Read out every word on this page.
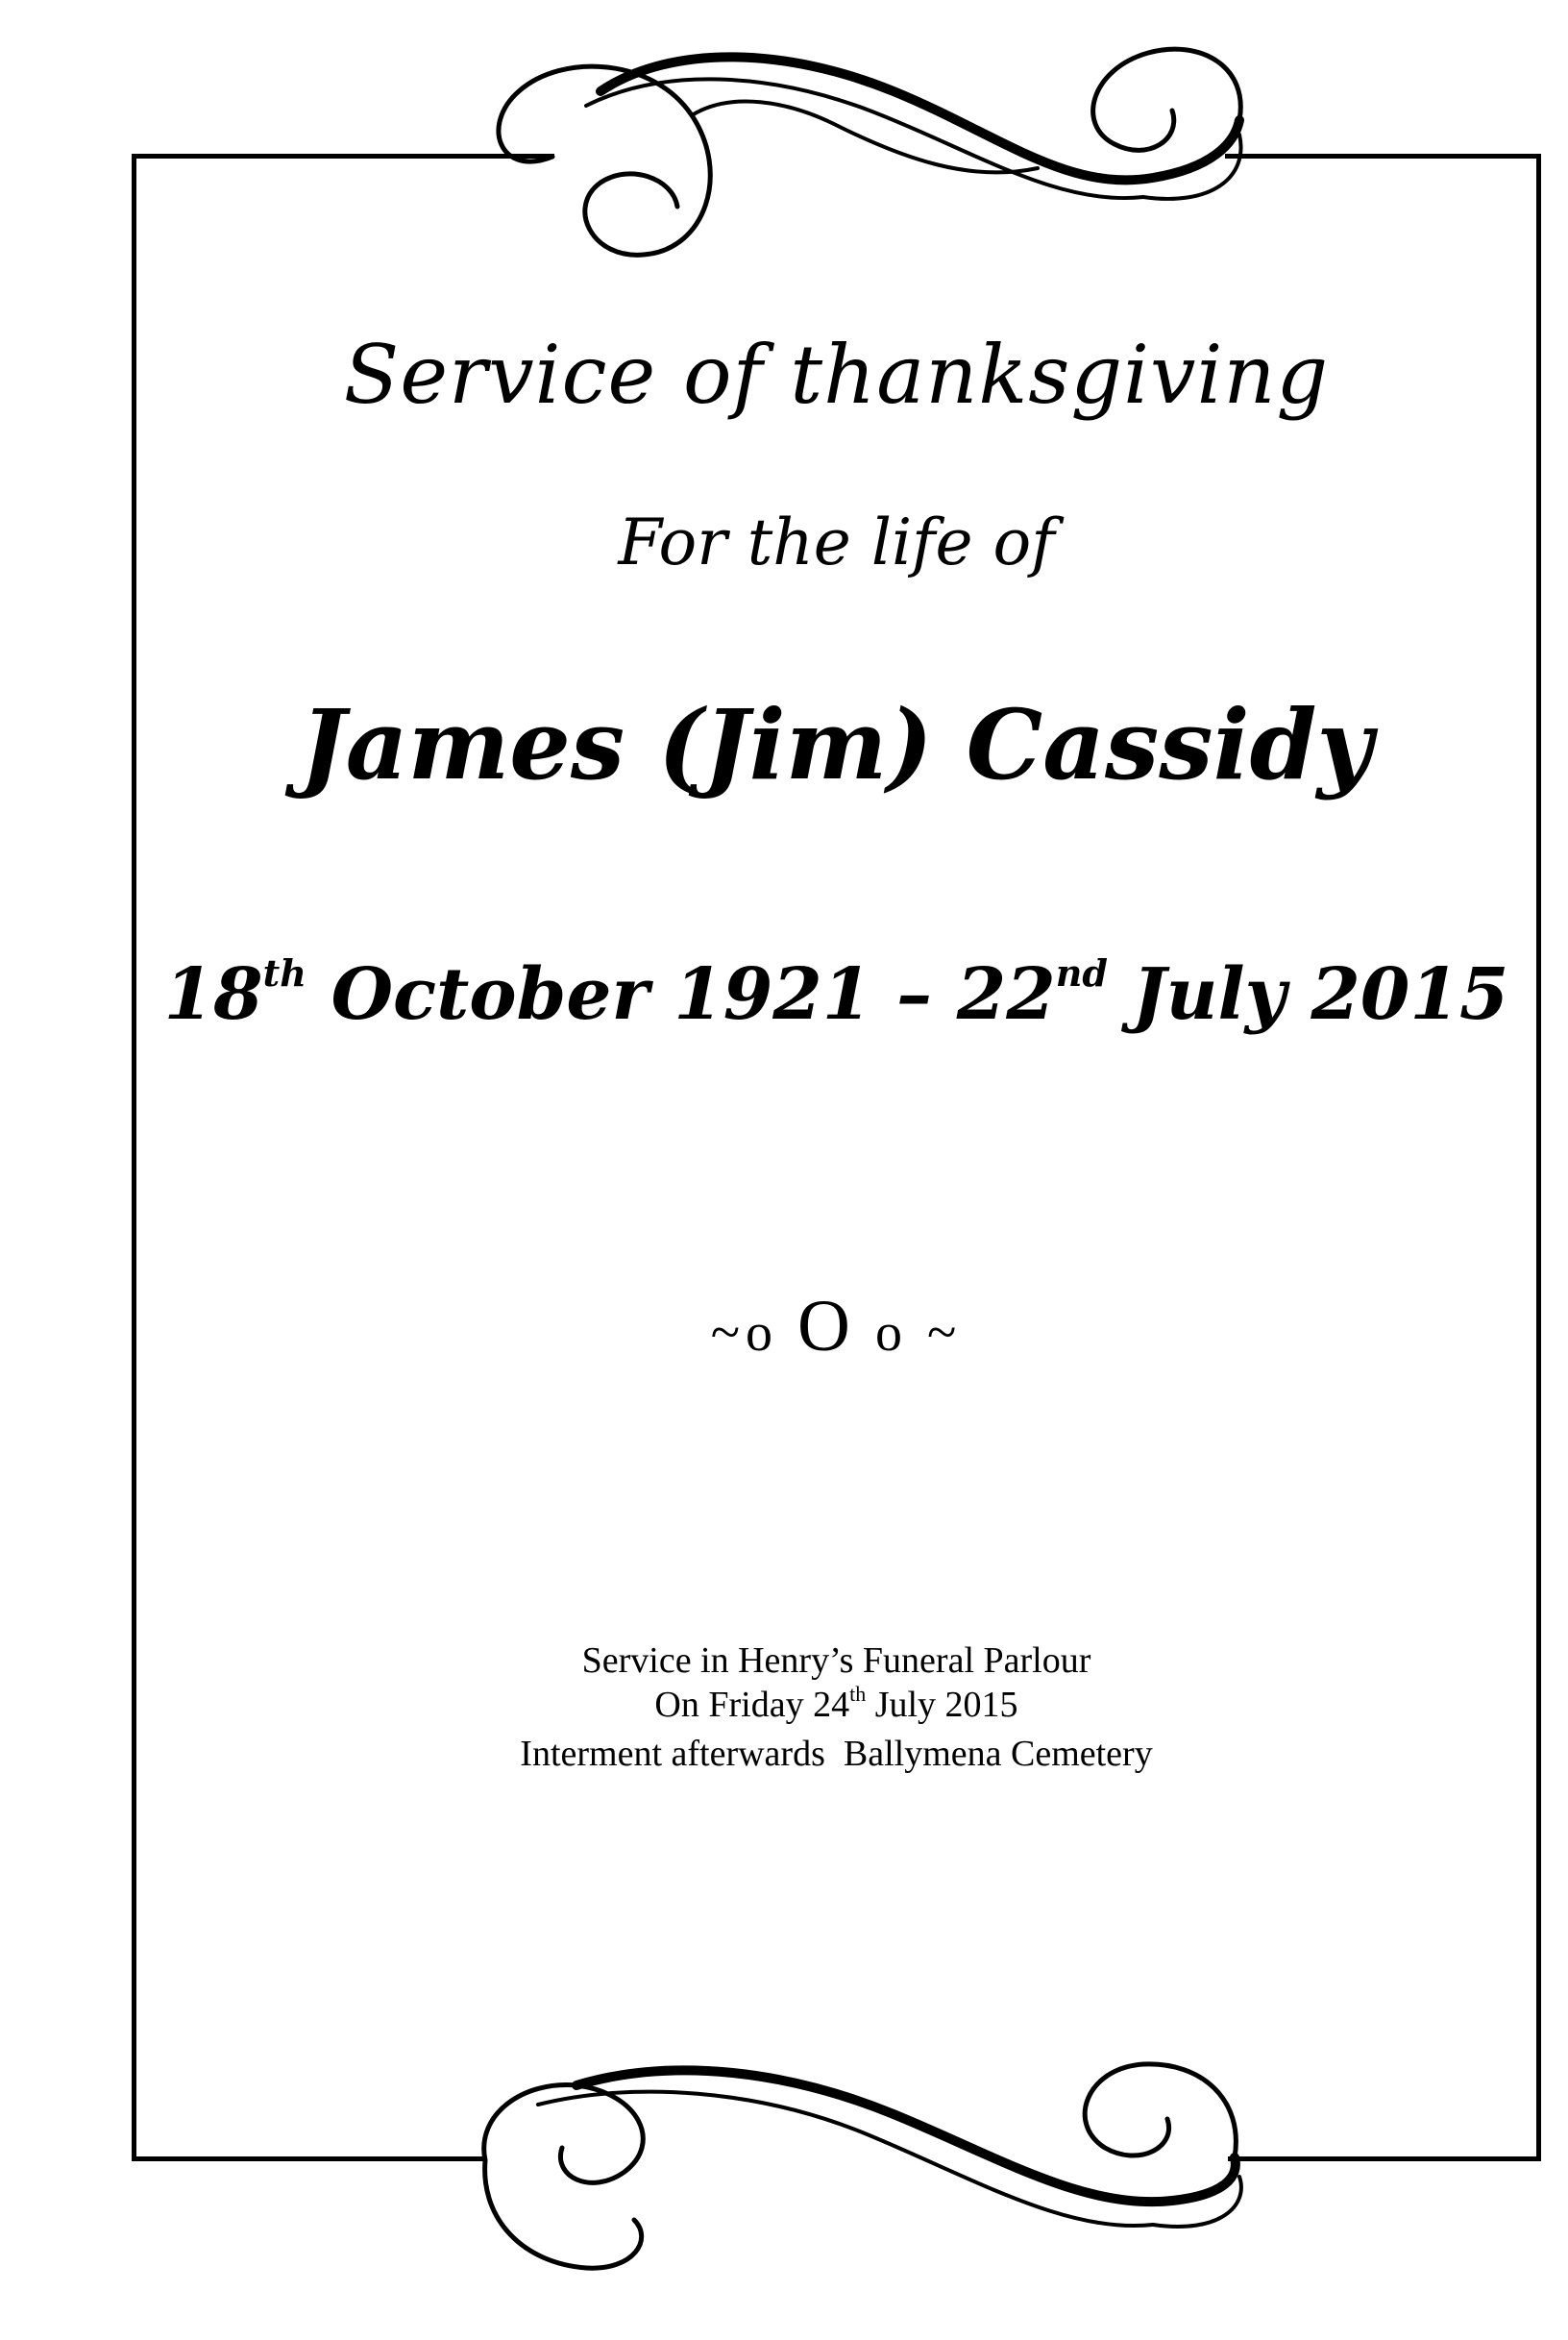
Service of thanksgiving
For the life of
James (Jim) Cassidy
18th October 1921 – 22nd July 2015
~o O o ~
Service in Henry’s Funeral Parlour
On Friday 24th July 2015
Interment afterwards  Ballymena Cemetery
